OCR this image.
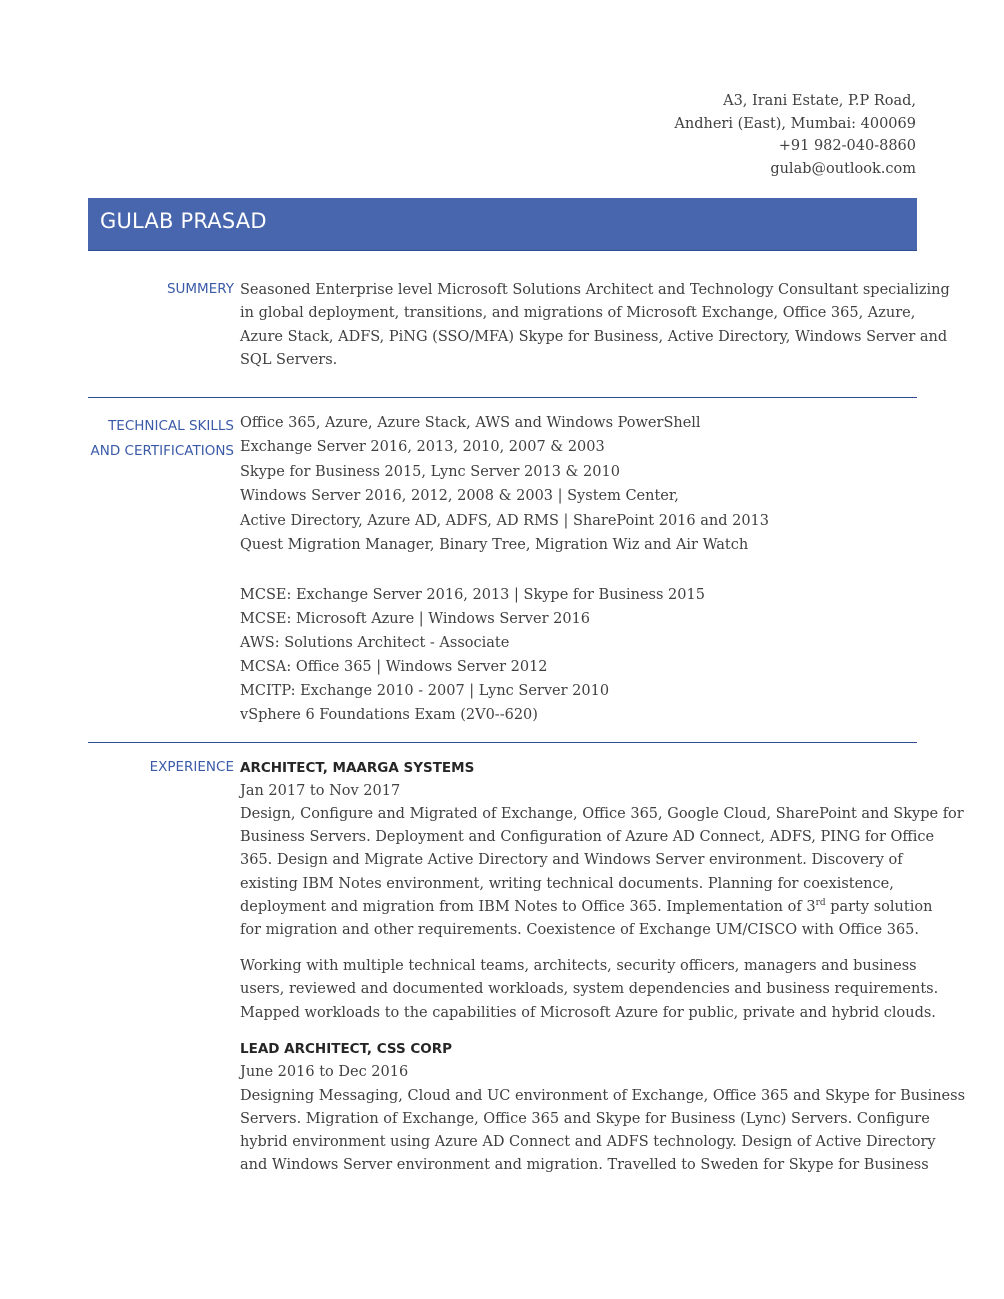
A3, Irani Estate, P.P Road,
Andheri (East), Mumbai: 400069
+91 982-040-8860
gulab@outlook.com
GULAB PRASAD
SUMMERY Seasoned Enterprise level Microsoft Solutions Architect and Technology Consultant specializing
in global deployment, transitions, and migrations of Microsoft Exchange, Office 365, Azure,
Azure Stack, ADFS, PiNG (SSO/MFA) Skype for Business, Active Directory, Windows Server and
SQL Servers.
TECHNICAL SKILLS
AND CERTIFICATIONS
Office 365, Azure, Azure Stack, AWS and Windows PowerShell
Exchange Server 2016, 2013, 2010, 2007 & 2003
Skype for Business 2015, Lync Server 2013 & 2010
Windows Server 2016, 2012, 2008 & 2003 | System Center,
Active Directory, Azure AD, ADFS, AD RMS | SharePoint 2016 and 2013
Quest Migration Manager, Binary Tree, Migration Wiz and Air Watch
MCSE: Exchange Server 2016, 2013 | Skype for Business 2015
MCSE: Microsoft Azure | Windows Server 2016
AWS: Solutions Architect - Associate
MCSA: Office 365 | Windows Server 2012
MCITP: Exchange 2010 - 2007 | Lync Server 2010
vSphere 6 Foundations Exam (2V0--620)
EXPERIENCE ARCHITECT, MAARGA SYSTEMS
Jan 2017 to Nov 2017
Design, Configure and Migrated of Exchange, Office 365, Google Cloud, SharePoint and Skype for
Business Servers. Deployment and Configuration of Azure AD Connect, ADFS, PING for Office
365. Design and Migrate Active Directory and Windows Server environment. Discovery of
existing IBM Notes environment, writing technical documents. Planning for coexistence,
deployment and migration from IBM Notes to Office 365. Implementation of 3rd party solution
for migration and other requirements. Coexistence of Exchange UM/CISCO with Office 365.
Working with multiple technical teams, architects, security officers, managers and business
users, reviewed and documented workloads, system dependencies and business requirements.
Mapped workloads to the capabilities of Microsoft Azure for public, private and hybrid clouds.
LEAD ARCHITECT, CSS CORP
June 2016 to Dec 2016
Designing Messaging, Cloud and UC environment of Exchange, Office 365 and Skype for Business
Servers. Migration of Exchange, Office 365 and Skype for Business (Lync) Servers. Configure
hybrid environment using Azure AD Connect and ADFS technology. Design of Active Directory
and Windows Server environment and migration. Travelled to Sweden for Skype for Business
